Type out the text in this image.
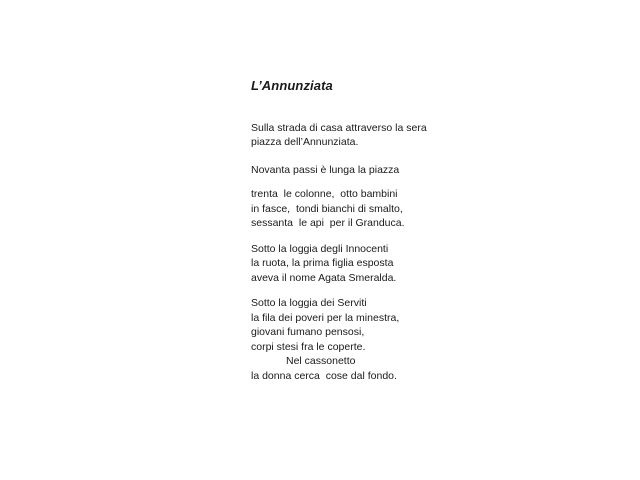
L’Annunziata
Sulla strada di casa attraverso la sera
piazza dell’Annunziata.
Novanta passi è lunga la piazza
trenta  le colonne,  otto bambini
in fasce,  tondi bianchi di smalto,
sessanta  le api  per il Granduca.
Sotto la loggia degli Innocenti
la ruota, la prima figlia esposta
aveva il nome Agata Smeralda.
Sotto la loggia dei Serviti
la fila dei poveri per la minestra,
giovani fumano pensosi,
corpi stesi fra le coperte.
Nel cassonetto
la donna cerca  cose dal fondo.
